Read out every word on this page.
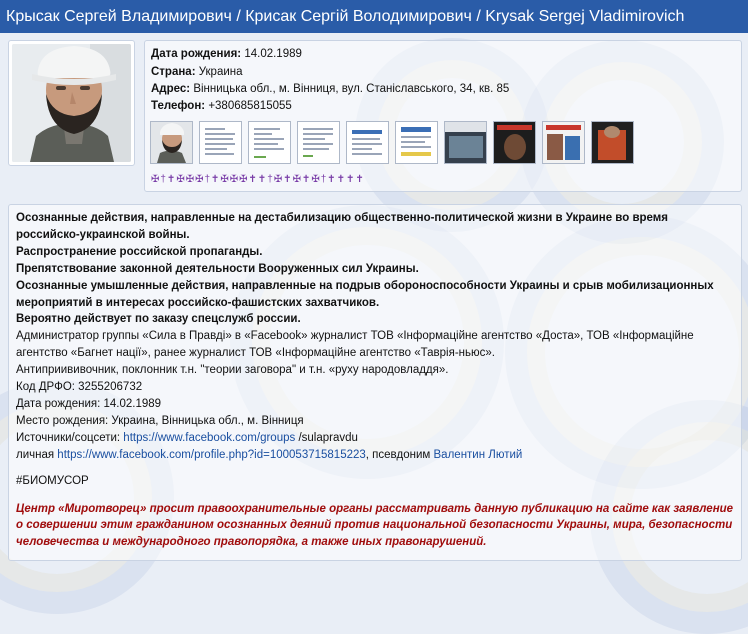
Крысак Сергей Владимирович / Крисак Сергій Володимирович / Krysak Sergej Vladimirovich
Дата рождения: 14.02.1989
Страна: Украина
Адрес: Вінницька обл., м. Вінниця, вул. Станіславського, 34, кв. 85
Телефон: +380685815055
✠†✝✠✠✠†✝✠✠✠✝✝†✠✝✠✝✠†✝✝✝✝

Осознанные действия, направленные на дестабилизацию общественно-политической жизни в Украине во время российско-украинской войны.

Распространение российской пропаганды.

Препятствование законной деятельности Вооруженных сил Украины.

Осознанные умышленные действия, направленные на подрыв обороноспособности Украины и срыв мобилизационных мероприятий в интересах российско-фашистских захватчиков.

Вероятно действует по заказу спецслужб россии.

Администратор группы «Сила в Правді» в «Facebook» журналист ТОВ «Інформаційне агентство «Доста», ТОВ «Інформаційне агентство «Багнет нації», ранее журналист ТОВ «Інформаційне агентство «Таврія-ньюс».

Антиприививочник, поклонник т.н. "теории заговора" и т.н. «руху народовладдя».

Код ДРФО: 3255206732

Дата рождения: 14.02.1989

Место рождения: Украина, Вінницька обл., м. Вінниця

Источники/соцсети: https://www.facebook.com/groups /sulapravdu

личная https://www.facebook.com/profile.php?id=100053715815223, псевдоним Валентин Лютий

#БИОМУСОР

Центр «Миротворец» просит правоохранительные органы рассматривать данную публикацию на сайте как заявление о совершении этим гражданином осознанных деяний против национальной безопасности Украины, мира, безопасности человечества и международного правопорядка, а также иных правонарушений.
